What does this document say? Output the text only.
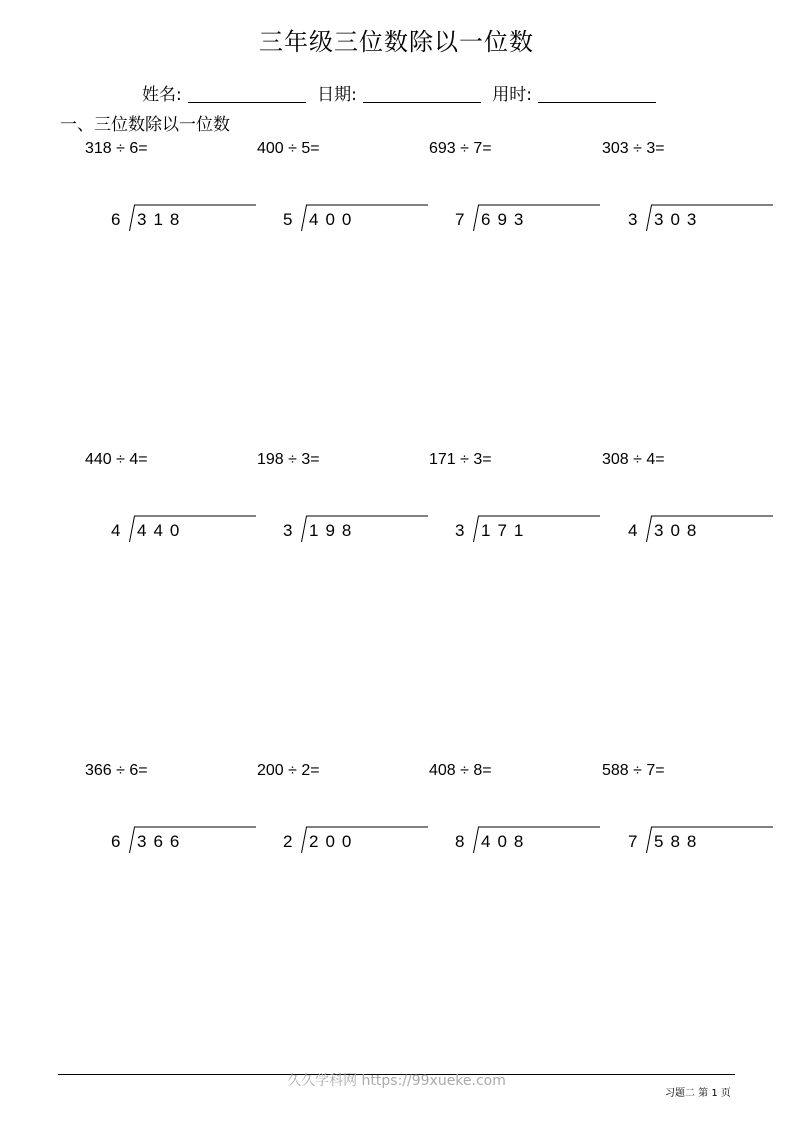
三年级三位数除以一位数
姓名:	日期:	用时:
一、三位数除以一位数
318 ÷ 6=
6 318
400 ÷ 5=
5 400
693 ÷ 7=
7 693
303 ÷ 3=
3 303
440 ÷ 4=
4 440
198 ÷ 3=
3 198
171 ÷ 3=
3 171
308 ÷ 4=
4 308
366 ÷ 6=
6 366
200 ÷ 2=
2 200
408 ÷ 8=
8 408
588 ÷ 7=
7 588
久久学科网 https://99xueke.com
习题二 第 1 页
